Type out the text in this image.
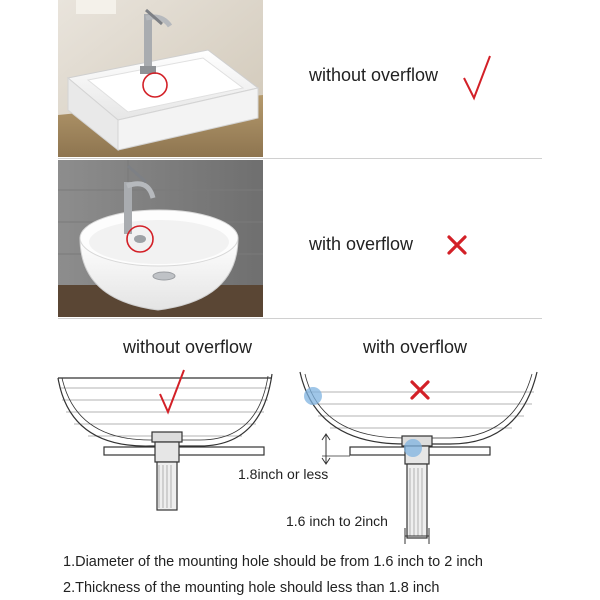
without overflow
with overflow
without overflow	with overflow
1.8inch or less
1.6 inch to 2inch
1.Diameter of the mounting hole should be from 1.6 inch to 2 inch
2.Thickness of the mounting hole should less than 1.8 inch
